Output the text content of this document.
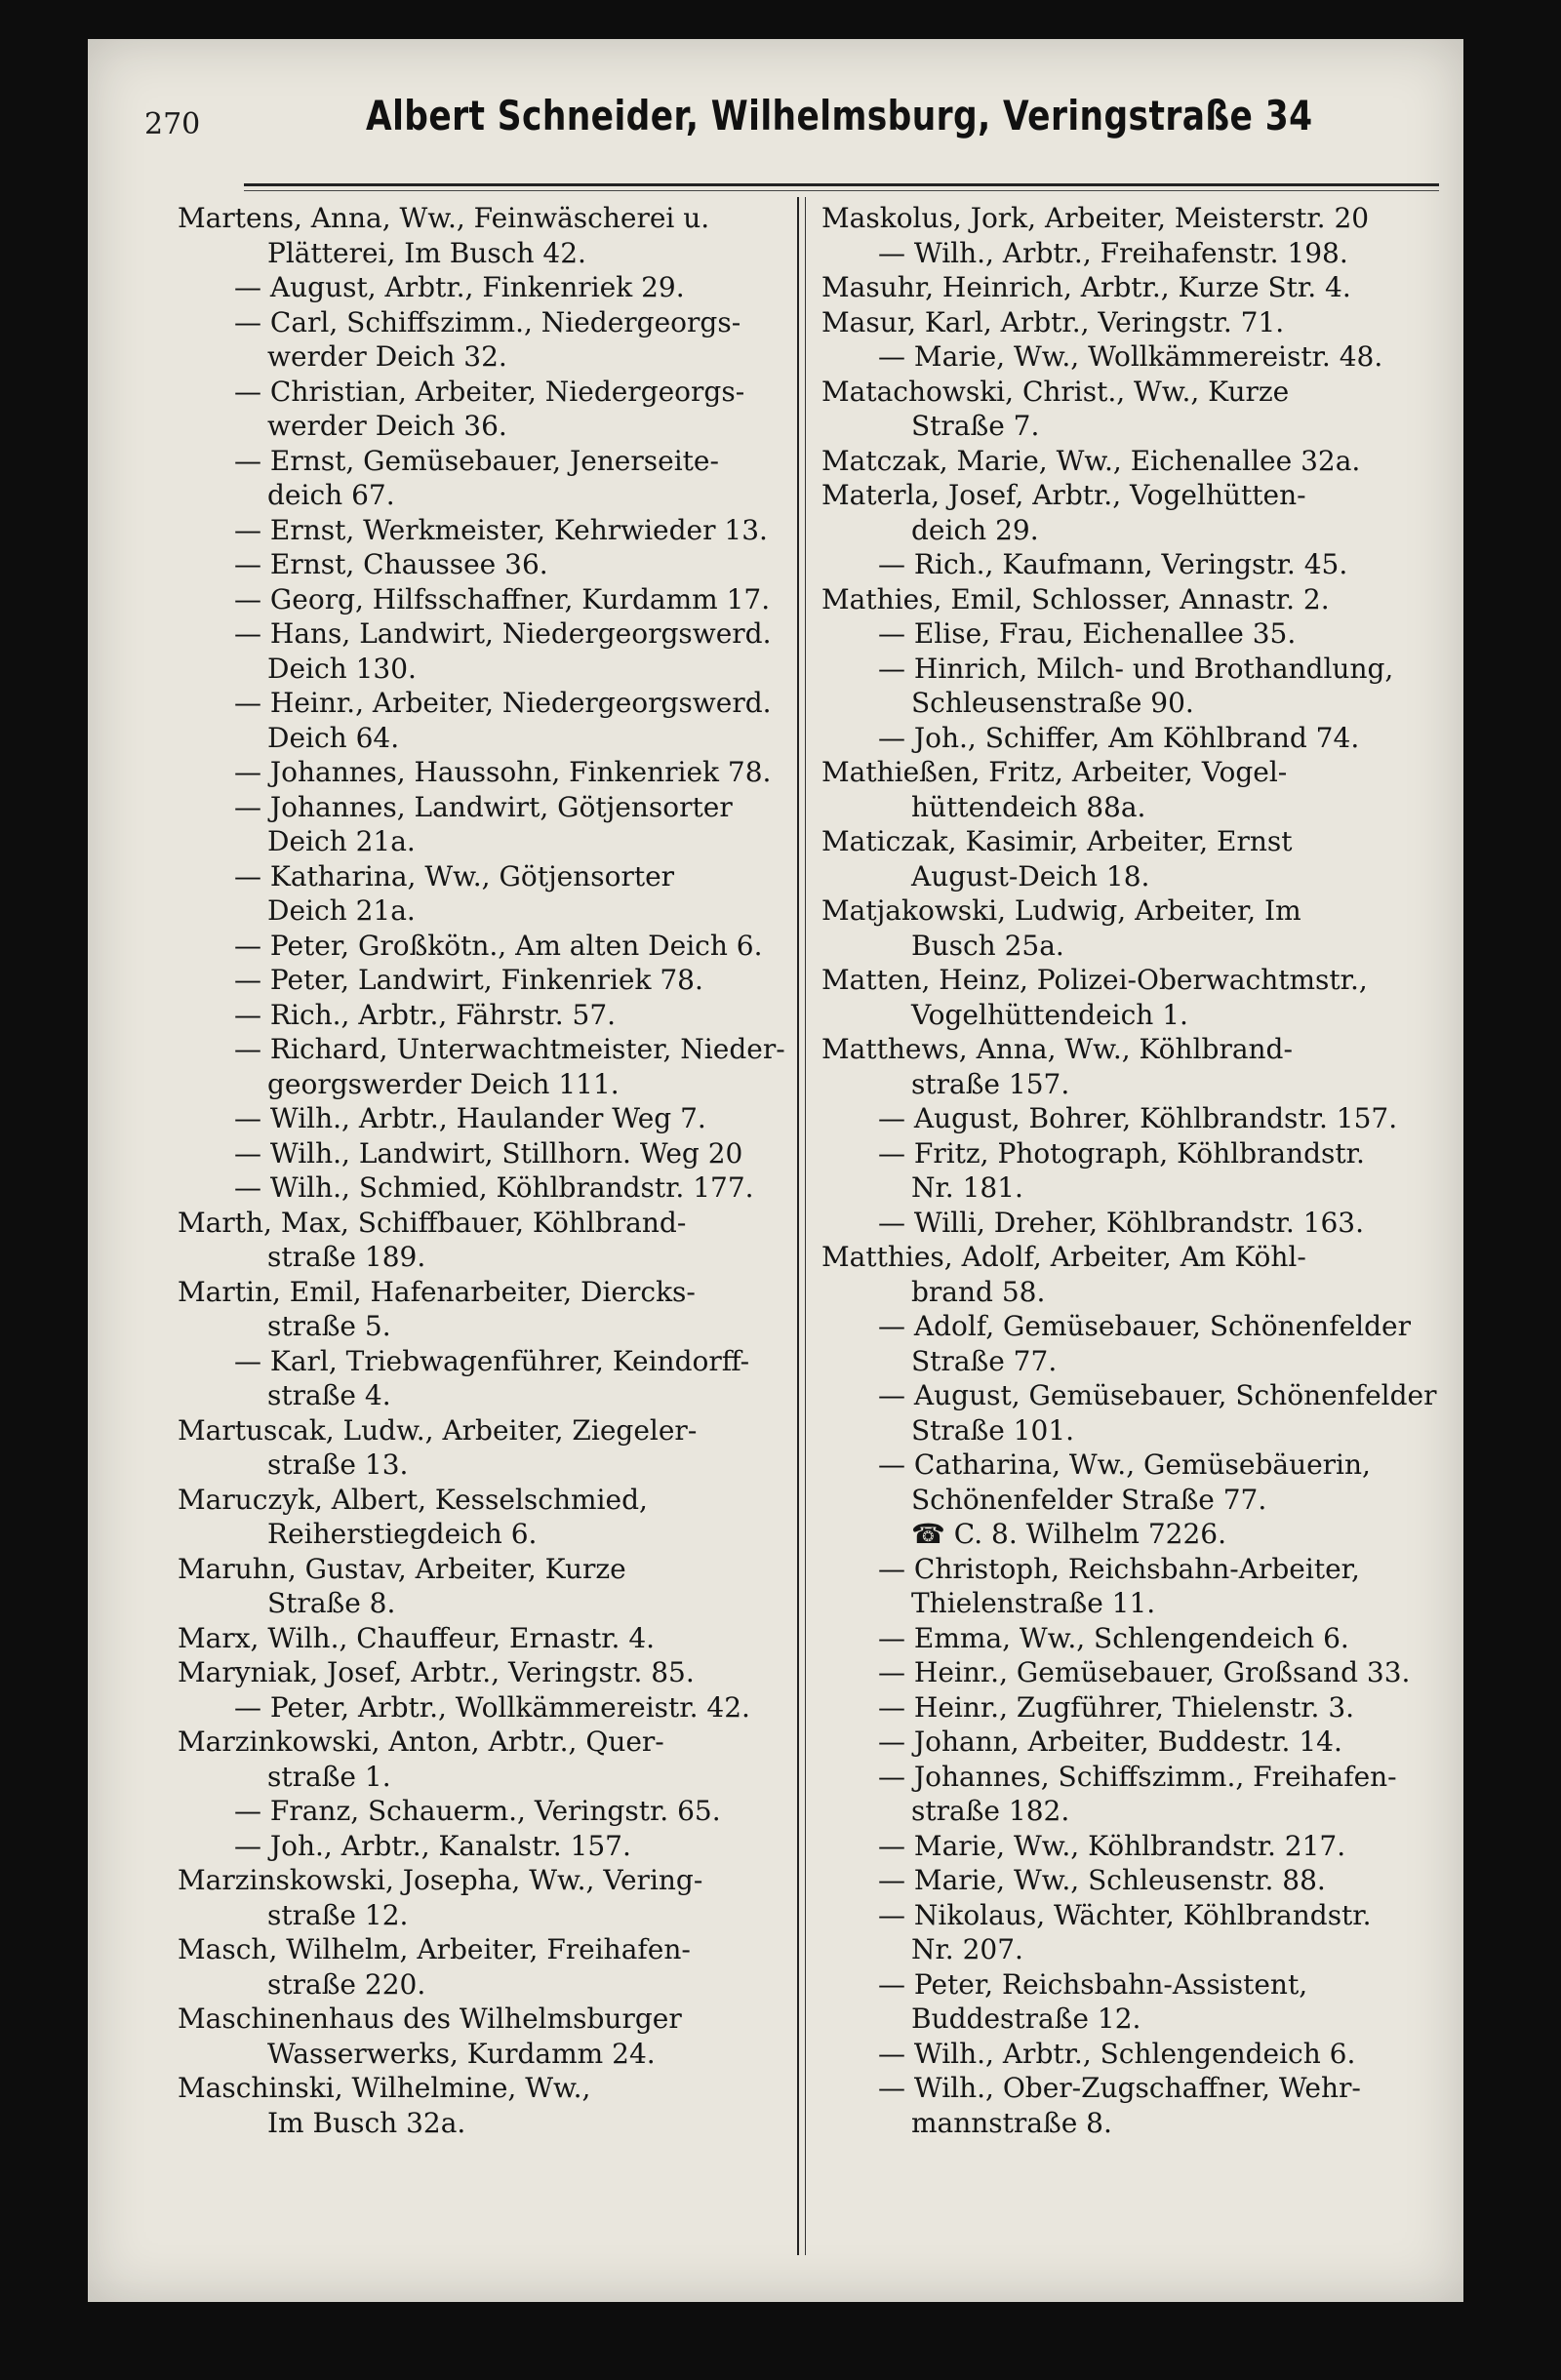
270	Albert Schneider, Wilhelmsburg, Veringstraße 34
Martens, Anna, Ww., Feinwäscherei u.
Plätterei, Im Busch 42.
— August, Arbtr., Finkenriek 29.
— Carl, Schiffszimm., Niedergeorgs-
werder Deich 32.
— Christian, Arbeiter, Niedergeorgs-
werder Deich 36.
— Ernst, Gemüsebauer, Jenerseite-
deich 67.
— Ernst, Werkmeister, Kehrwieder 13.
— Ernst, Chaussee 36.
— Georg, Hilfsschaffner, Kurdamm 17.
— Hans, Landwirt, Niedergeorgswerd.
Deich 130.
— Heinr., Arbeiter, Niedergeorgswerd.
Deich 64.
— Johannes, Haussohn, Finkenriek 78.
— Johannes, Landwirt, Götjensorter
Deich 21a.
— Katharina, Ww., Götjensorter
Deich 21a.
— Peter, Großkötn., Am alten Deich 6.
— Peter, Landwirt, Finkenriek 78.
— Rich., Arbtr., Fährstr. 57.
— Richard, Unterwachtmeister, Nieder-
georgswerder Deich 111.
— Wilh., Arbtr., Haulander Weg 7.
— Wilh., Landwirt, Stillhorn. Weg 20
— Wilh., Schmied, Köhlbrandstr. 177.
Marth, Max, Schiffbauer, Köhlbrand-
straße 189.
Martin, Emil, Hafenarbeiter, Diercks-
straße 5.
— Karl, Triebwagenführer, Keindorff-
straße 4.
Martuscak, Ludw., Arbeiter, Ziegeler-
straße 13.
Maruczyk, Albert, Kesselschmied,
Reiherstiegdeich 6.
Maruhn, Gustav, Arbeiter, Kurze
Straße 8.
Marx, Wilh., Chauffeur, Ernastr. 4.
Maryniak, Josef, Arbtr., Veringstr. 85.
— Peter, Arbtr., Wollkämmereistr. 42.
Marzinkowski, Anton, Arbtr., Quer-
straße 1.
— Franz, Schauerm., Veringstr. 65.
— Joh., Arbtr., Kanalstr. 157.
Marzinskowski, Josepha, Ww., Vering-
straße 12.
Masch, Wilhelm, Arbeiter, Freihafen-
straße 220.
Maschinenhaus des Wilhelmsburger
Wasserwerks, Kurdamm 24.
Maschinski, Wilhelmine, Ww.,
Im Busch 32a.
Maskolus, Jork, Arbeiter, Meisterstr. 20
— Wilh., Arbtr., Freihafenstr. 198.
Masuhr, Heinrich, Arbtr., Kurze Str. 4.
Masur, Karl, Arbtr., Veringstr. 71.
— Marie, Ww., Wollkämmereistr. 48.
Matachowski, Christ., Ww., Kurze
Straße 7.
Matczak, Marie, Ww., Eichenallee 32a.
Materla, Josef, Arbtr., Vogelhütten-
deich 29.
— Rich., Kaufmann, Veringstr. 45.
Mathies, Emil, Schlosser, Annastr. 2.
— Elise, Frau, Eichenallee 35.
— Hinrich, Milch- und Brothandlung,
Schleusenstraße 90.
— Joh., Schiffer, Am Köhlbrand 74.
Mathießen, Fritz, Arbeiter, Vogel-
hüttendeich 88a.
Maticzak, Kasimir, Arbeiter, Ernst
August-Deich 18.
Matjakowski, Ludwig, Arbeiter, Im
Busch 25a.
Matten, Heinz, Polizei-Oberwachtmstr.,
Vogelhüttendeich 1.
Matthews, Anna, Ww., Köhlbrand-
straße 157.
— August, Bohrer, Köhlbrandstr. 157.
— Fritz, Photograph, Köhlbrandstr.
Nr. 181.
— Willi, Dreher, Köhlbrandstr. 163.
Matthies, Adolf, Arbeiter, Am Köhl-
brand 58.
— Adolf, Gemüsebauer, Schönenfelder
Straße 77.
— August, Gemüsebauer, Schönenfelder
Straße 101.
— Catharina, Ww., Gemüsebäuerin,
Schönenfelder Straße 77.
☎ C. 8. Wilhelm 7226.
— Christoph, Reichsbahn-Arbeiter,
Thielenstraße 11.
— Emma, Ww., Schlengendeich 6.
— Heinr., Gemüsebauer, Großsand 33.
— Heinr., Zugführer, Thielenstr. 3.
— Johann, Arbeiter, Buddestr. 14.
— Johannes, Schiffszimm., Freihafen-
straße 182.
— Marie, Ww., Köhlbrandstr. 217.
— Marie, Ww., Schleusenstr. 88.
— Nikolaus, Wächter, Köhlbrandstr.
Nr. 207.
— Peter, Reichsbahn-Assistent,
Buddestraße 12.
— Wilh., Arbtr., Schlengendeich 6.
— Wilh., Ober-Zugschaffner, Wehr-
mannstraße 8.
